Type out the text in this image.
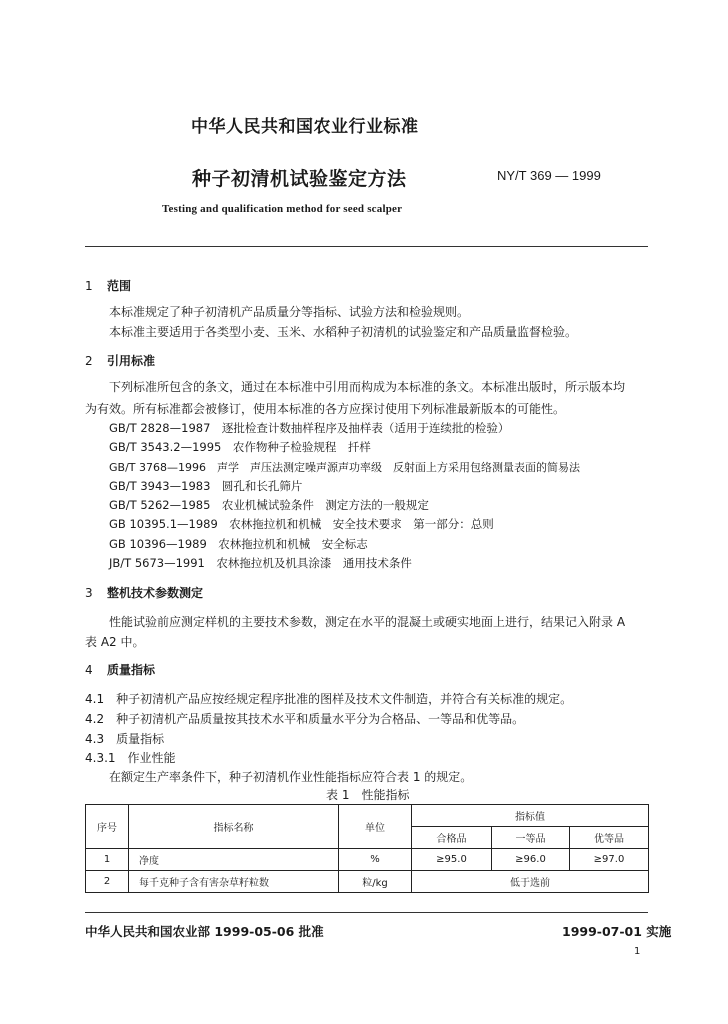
中华人民共和国农业行业标准
种子初清机试验鉴定方法	NY/T 369 — 1999
Testing and qualification method for seed scalper
1 范围
本标准规定了种子初清机产品质量分等指标、试验方法和检验规则。
本标准主要适用于各类型小麦、玉米、水稻种子初清机的试验鉴定和产品质量监督检验。
2 引用标准
下列标准所包含的条文，通过在本标准中引用而构成为本标准的条文。本标准出版时，所示版本均
为有效。所有标准都会被修订，使用本标准的各方应探讨使用下列标准最新版本的可能性。
GB/T 2828—1987　逐批检查计数抽样程序及抽样表（适用于连续批的检验）
GB/T 3543.2—1995　农作物种子检验规程　扦样
GB/T 3768—1996　声学　声压法测定噪声源声功率级　反射面上方采用包络测量表面的简易法
GB/T 3943—1983　圆孔和长孔筛片
GB/T 5262—1985　农业机械试验条件　测定方法的一般规定
GB 10395.1—1989　农林拖拉机和机械　安全技术要求　第一部分：总则
GB 10396—1989　农林拖拉机和机械　安全标志
JB/T 5673—1991　农林拖拉机及机具涂漆　通用技术条件
3 整机技术参数测定
性能试验前应测定样机的主要技术参数，测定在水平的混凝土或硬实地面上进行，结果记入附录 A
表 A2 中。
4 质量指标
4.1　种子初清机产品应按经规定程序批准的图样及技术文件制造，并符合有关标准的规定。
4.2　种子初清机产品质量按其技术水平和质量水平分为合格品、一等品和优等品。
4.3　质量指标
4.3.1　作业性能
在额定生产率条件下，种子初清机作业性能指标应符合表 1 的规定。
表 1　性能指标
序号	指标名称	单位	指标值		
			合格品	一等品	优等品
1	净度	%	≥95.0	≥96.0	≥97.0
2	每千克种子含有害杂草籽粒数	粒/kg	低于选前		
中华人民共和国农业部 1999-05-06 批准	1999-07-01 实施
1
